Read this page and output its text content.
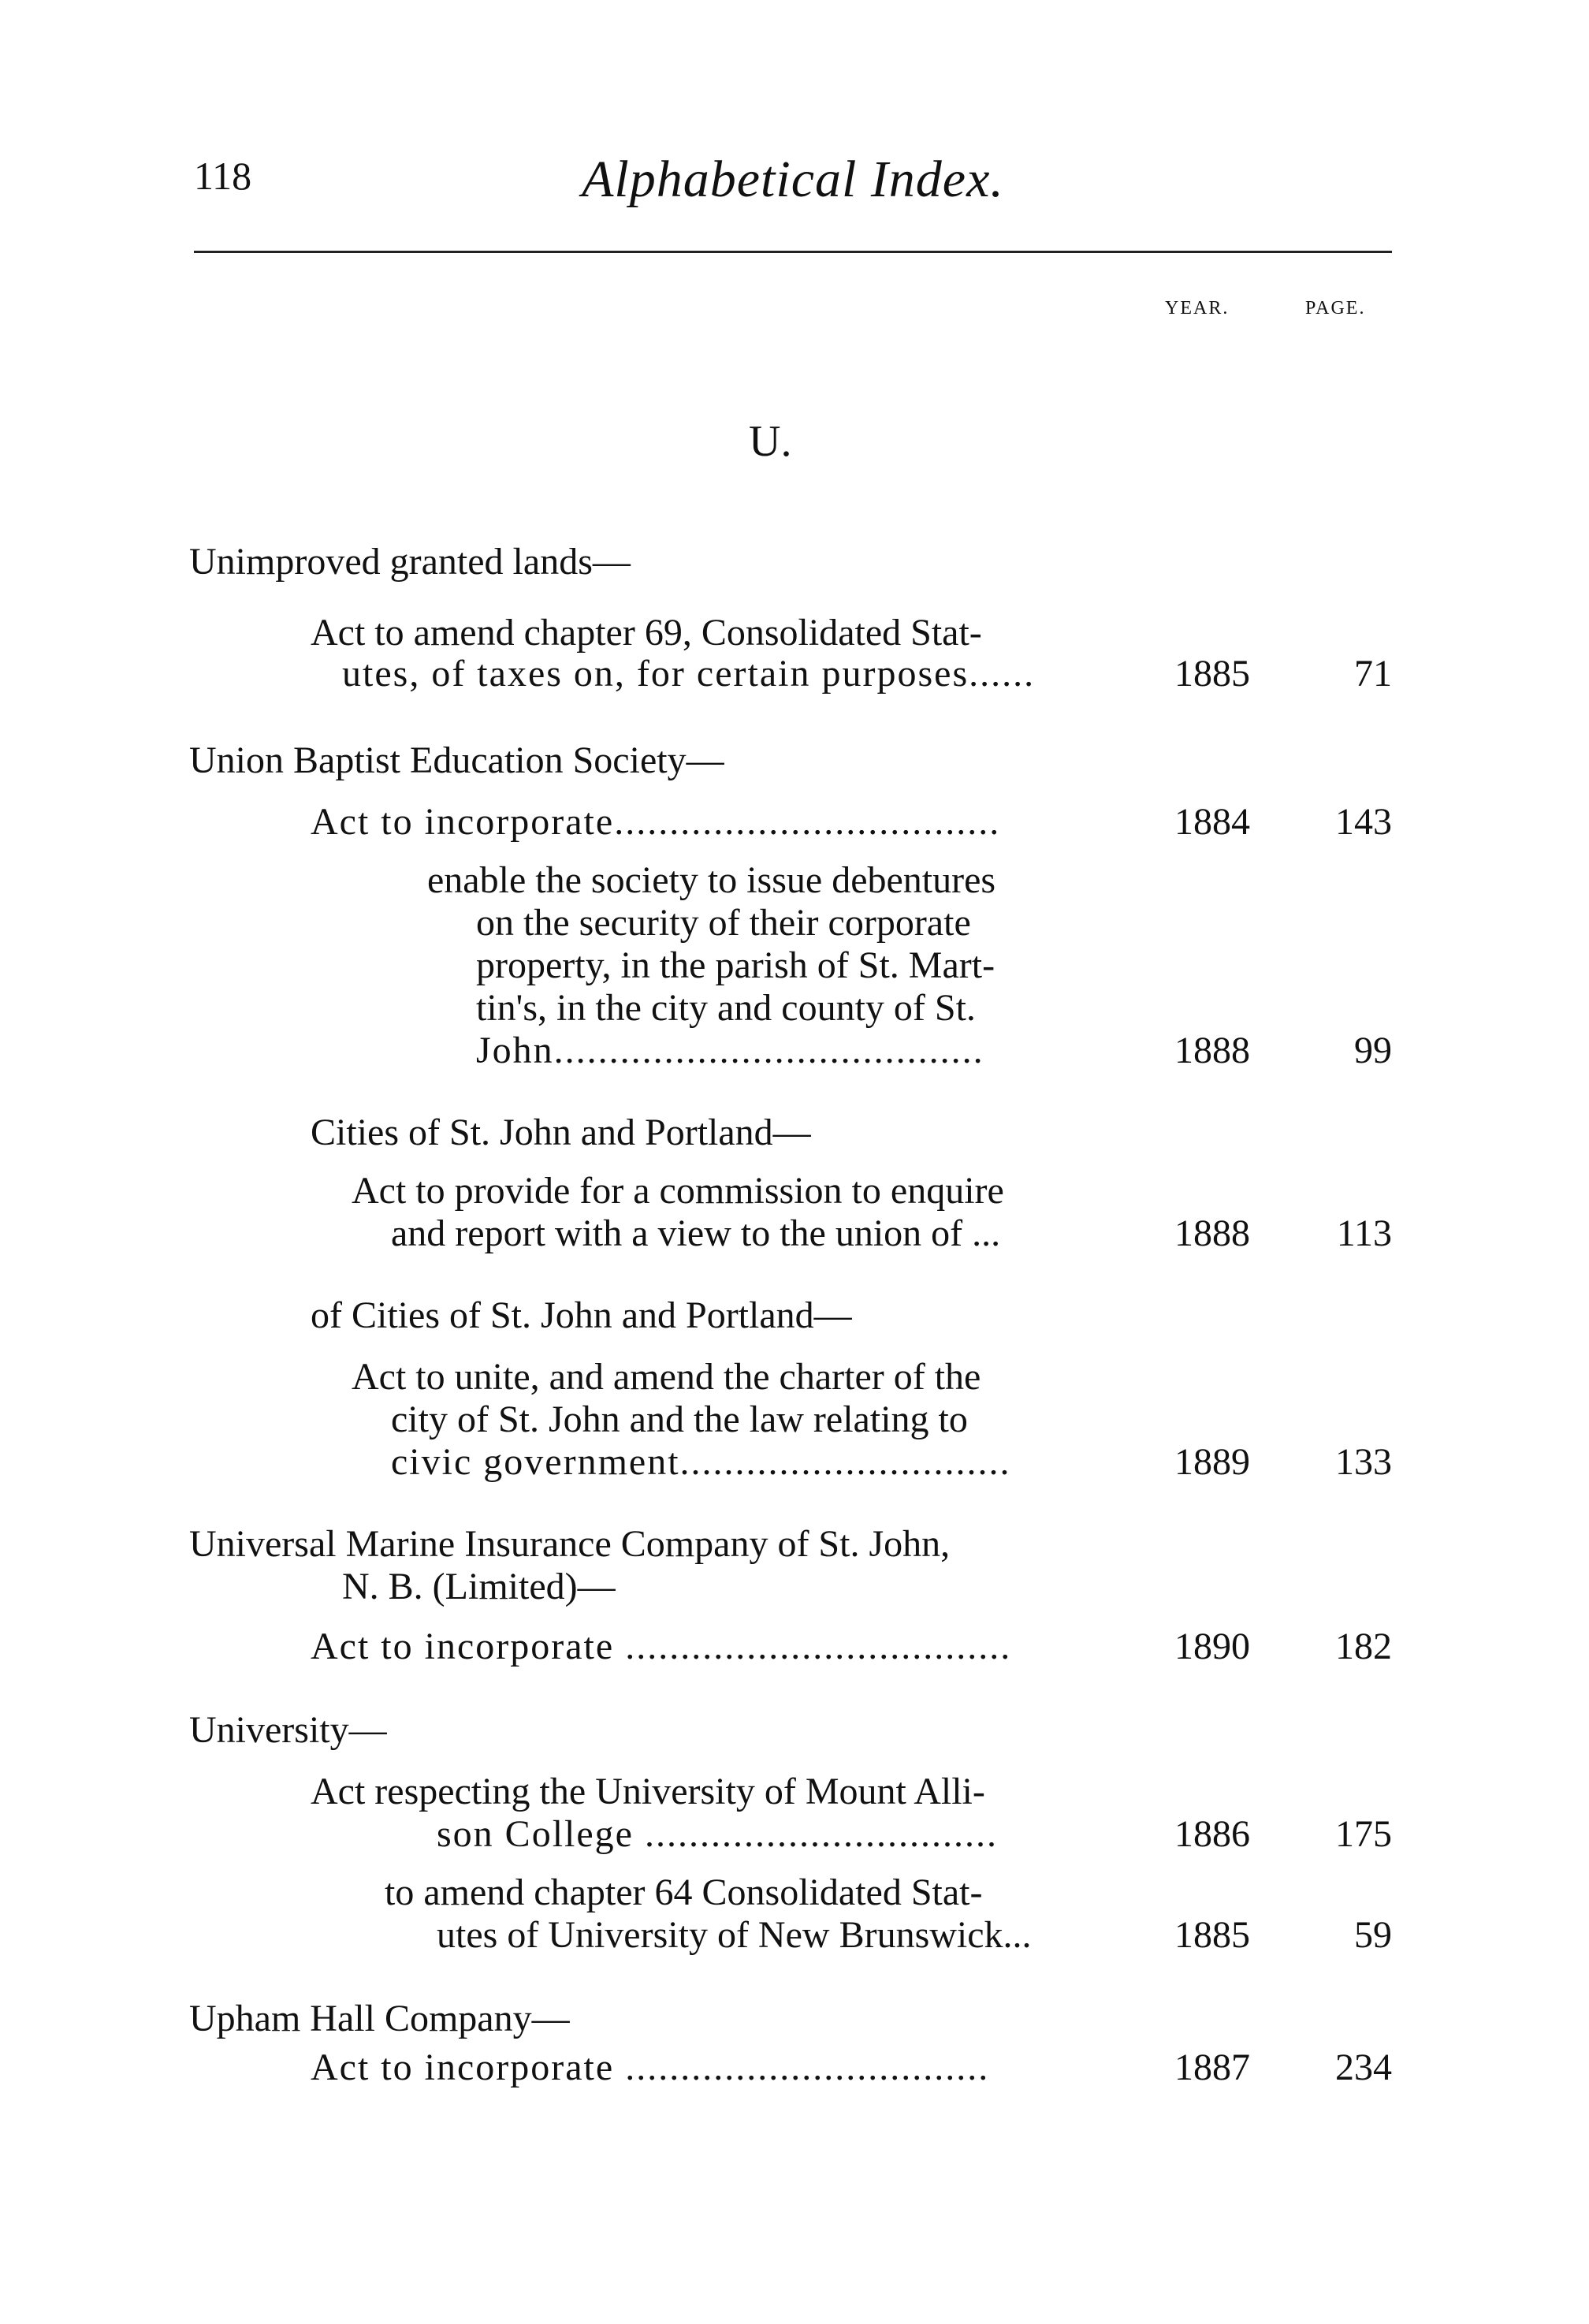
118	Alphabetical Index.
YEAR.	PAGE.
U.
Unimproved granted lands—
Act to amend chapter 69, Consolidated Stat-
utes, of taxes on, for certain purposes......	1885	71
Union Baptist Education Society—
Act to incorporate...................................	1884 143
enable the society to issue debentures
on the security of their corporate
property, in the parish of St. Mart-
tin's, in the city and county of St.
John.......................................	1888	99
Cities of St. John and Portland—
Act to provide for a commission to enquire
and report with a view to the union of ...	1888 113
of Cities of St. John and Portland—
Act to unite, and amend the charter of the
city of St. John and the law relating to
civic government..............................	1889 133
Universal Marine Insurance Company of St. John,
N. B. (Limited)—
Act to incorporate ...................................	1890 182
University—
Act respecting the University of Mount Alli-
son College ................................	1886 175
to amend chapter 64 Consolidated Stat-
utes of University of New Brunswick...	1885	59
Upham Hall Company—
Act to incorporate .................................	1887 234
